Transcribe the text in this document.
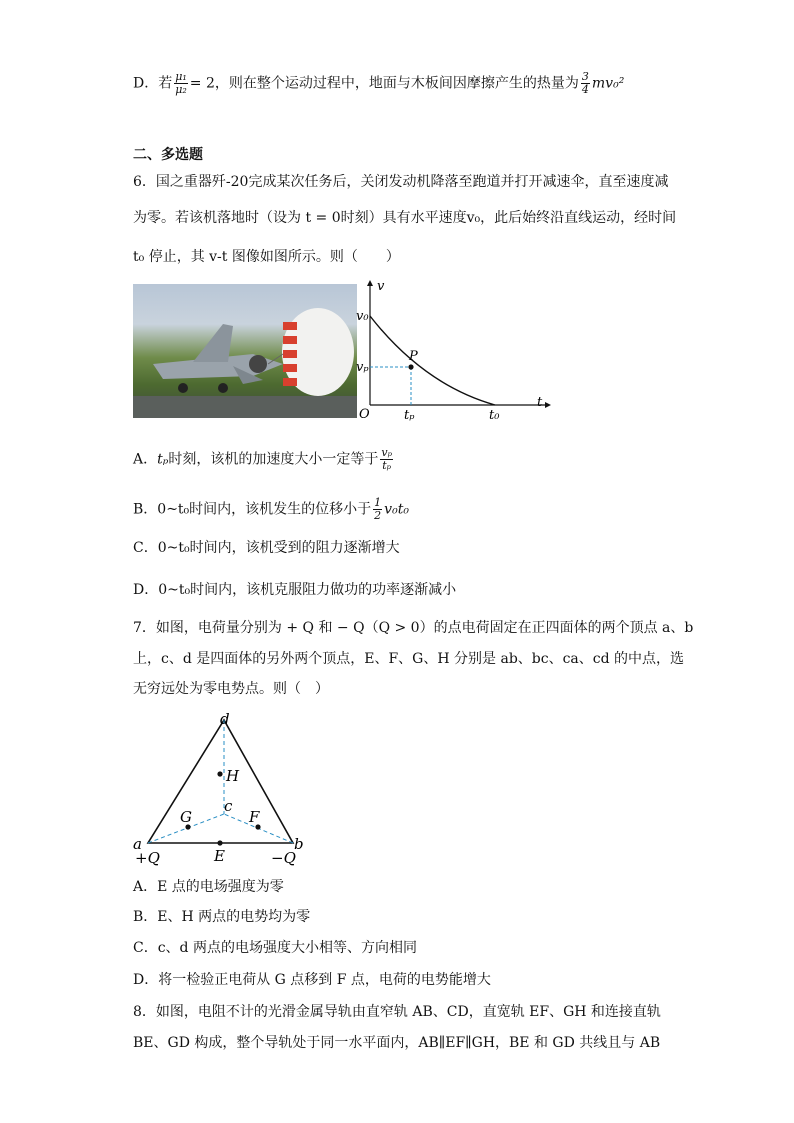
D．若 $\frac{\text{μ₁}}{\text{μ₂}} = 2$，则在整个运动过程中，地面与木板间因摩擦产生的热量为 $\frac{3}{4} mv_0^2$
二、多选题
6．国之重器歼-20完成某次任务后，关闭发动机降落至跑道并打开减速伞，直至速度减
为零。若该机落地时（设为 t = 0时刻）具有水平速度v₀，此后始终沿直线运动，经时间
t₀ 停止，其 v-t 图像如图所示。则（　　）
v
t
O
v₀
vₚ
P
tₚ	t₀
A．tₚ时刻，该机的加速度大小一定等于 $\frac{\text{vₚ}}{\text{tₚ}}$
B．0~t₀时间内，该机发生的位移小于 $\frac{1}{2} v_0t_0$
C．0~t₀时间内，该机受到的阻力逐渐增大
D．0~t₀时间内，该机克服阻力做功的功率逐渐减小
7．如图，电荷量分别为 + Q 和 − Q（Q > 0）的点电荷固定在正四面体的两个顶点 a、b
上，c、d 是四面体的另外两个顶点，E、F、G、H 分别是 ab、bc、ca、cd 的中点，选
无穷远处为零电势点。则（　）
d
H
c
G	F
a	b
E
+Q	−Q
A．E 点的电场强度为零
B．E、H 两点的电势均为零
C．c、d 两点的电场强度大小相等、方向相同
D．将一检验正电荷从 G 点移到 F 点，电荷的电势能增大
8．如图，电阻不计的光滑金属导轨由直窄轨 AB、CD，直宽轨 EF、GH 和连接直轨
BE、GD 构成，整个导轨处于同一水平面内，AB∥EF∥GH，BE 和 GD 共线且与 AB
